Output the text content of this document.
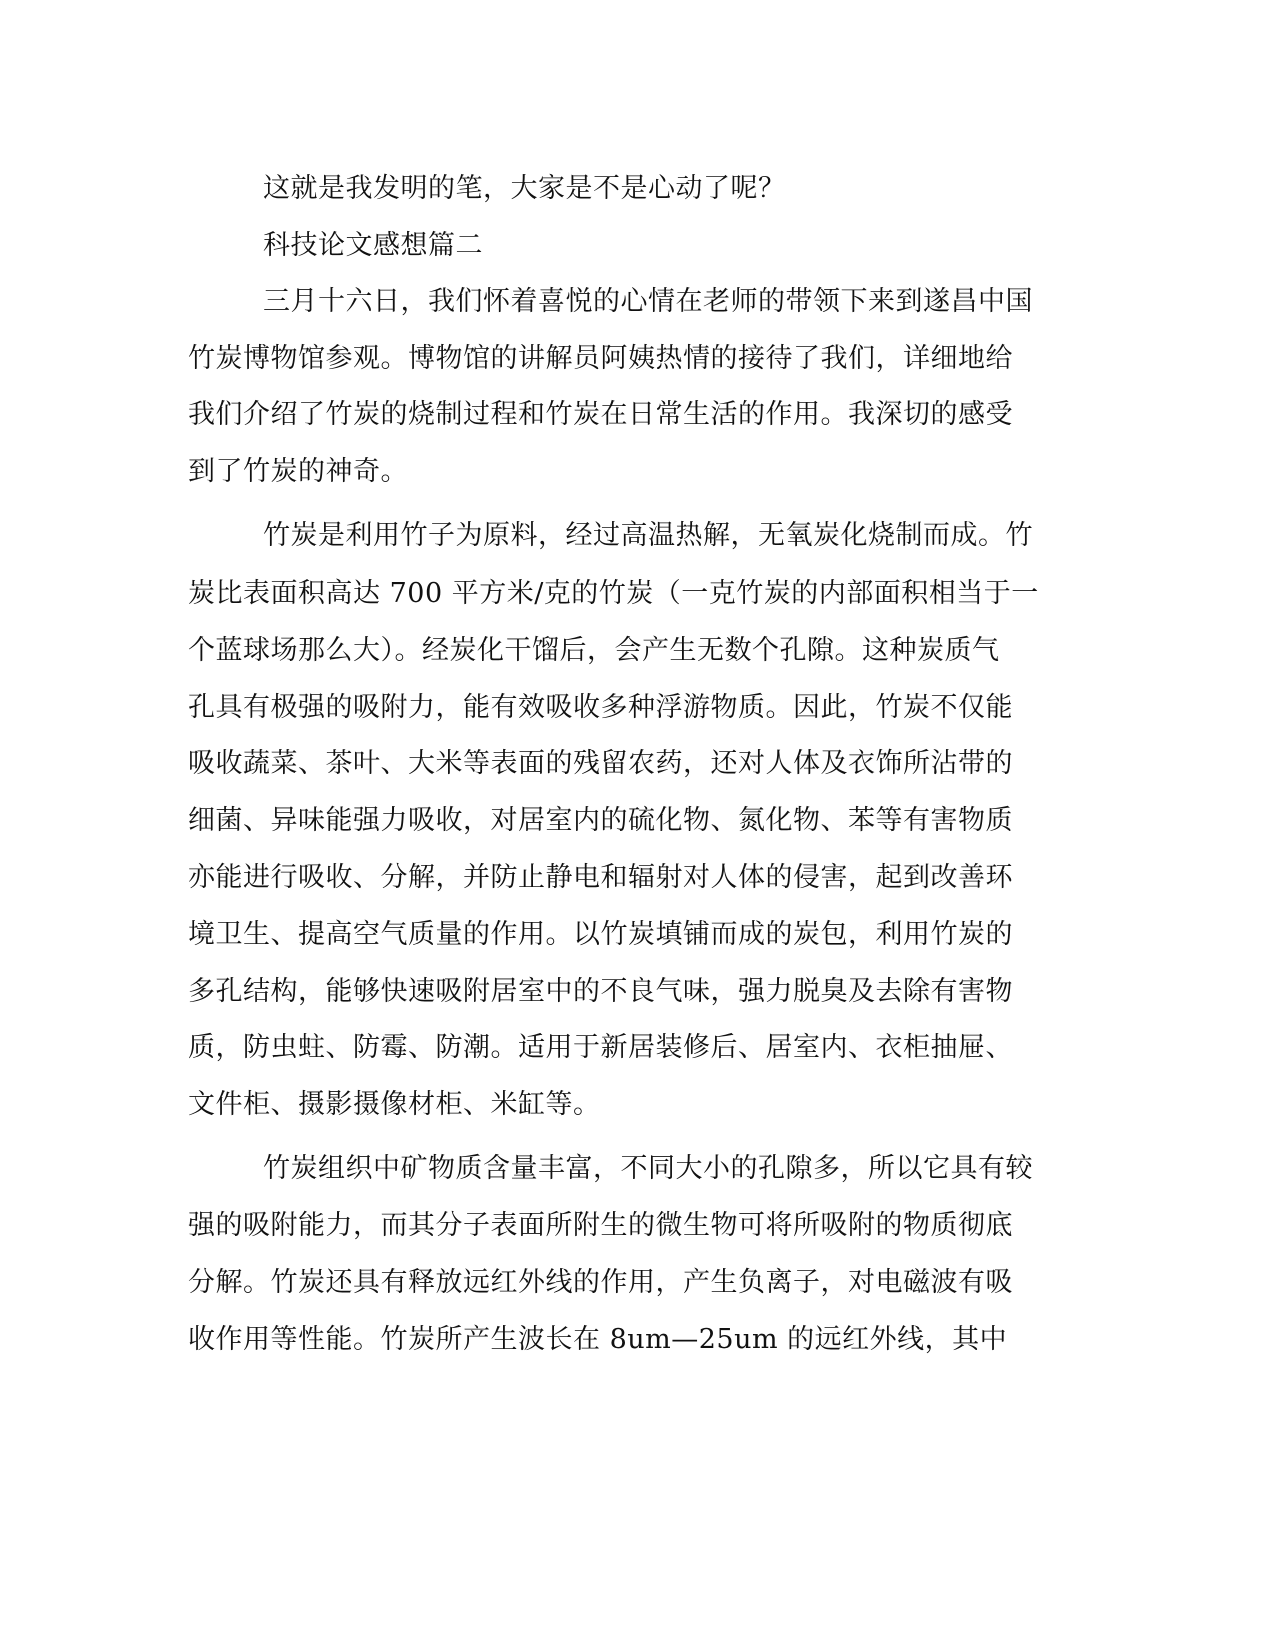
这就是我发明的笔，大家是不是心动了呢？
科技论文感想篇二
三月十六日，我们怀着喜悦的心情在老师的带领下来到遂昌中国
竹炭博物馆参观。博物馆的讲解员阿姨热情的接待了我们，详细地给
我们介绍了竹炭的烧制过程和竹炭在日常生活的作用。我深切的感受
到了竹炭的神奇。
竹炭是利用竹子为原料，经过高温热解，无氧炭化烧制而成。竹
炭比表面积高达 700 平方米/克的竹炭（一克竹炭的内部面积相当于一
个蓝球场那么大）。经炭化干馏后，会产生无数个孔隙。这种炭质气
孔具有极强的吸附力，能有效吸收多种浮游物质。因此，竹炭不仅能
吸收蔬菜、茶叶、大米等表面的残留农药，还对人体及衣饰所沾带的
细菌、异味能强力吸收，对居室内的硫化物、氮化物、苯等有害物质
亦能进行吸收、分解，并防止静电和辐射对人体的侵害，起到改善环
境卫生、提高空气质量的作用。以竹炭填铺而成的炭包，利用竹炭的
多孔结构，能够快速吸附居室中的不良气味，强力脱臭及去除有害物
质，防虫蛀、防霉、防潮。适用于新居装修后、居室内、衣柜抽屉、
文件柜、摄影摄像材柜、米缸等。
竹炭组织中矿物质含量丰富，不同大小的孔隙多，所以它具有较
强的吸附能力，而其分子表面所附生的微生物可将所吸附的物质彻底
分解。竹炭还具有释放远红外线的作用，产生负离子，对电磁波有吸
收作用等性能。竹炭所产生波长在 8um—25um 的远红外线，其中
